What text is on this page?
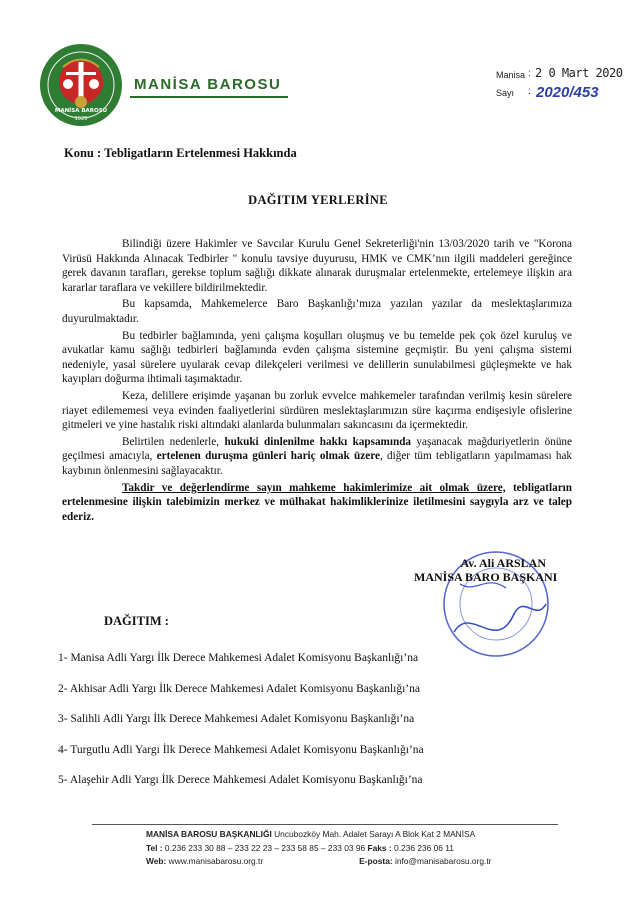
1925
MANİSA BAROSU
MANİSA BAROSU
Manisa : 2 0 Mart 2020
Sayı : 2020/453
Konu : Tebligatların Ertelenmesi Hakkında
DAĞITIM YERLERİNE

Bilindiği üzere Hakimler ve Savcılar Kurulu Genel Sekreterliği'nin 13/03/2020 tarih ve "Korona Virüsü Hakkında Alınacak Tedbirler " konulu tavsiye duyurusu, HMK ve CMK’nın ilgili maddeleri gereğince gerek davanın tarafları, gerekse toplum sağlığı dikkate alınarak duruşmalar ertelenmekte, ertelemeye ilişkin ara kararlar taraflara ve vekillere bildirilmektedir.

Bu kapsamda, Mahkemelerce Baro Başkanlığı’mıza yazılan yazılar da meslektaşlarımıza duyurulmaktadır.

Bu tedbirler bağlamında, yeni çalışma koşulları oluşmuş ve bu temelde pek çok özel kuruluş ve avukatlar kamu sağlığı tedbirleri bağlamında evden çalışma sistemine geçmiştir. Bu yeni çalışma sistemi nedeniyle, yasal sürelere uyularak cevap dilekçeleri verilmesi ve delillerin sunulabilmesi güçleşmekte ve hak kayıpları doğurma ihtimali taşımaktadır.

Keza, delillere erişimde yaşanan bu zorluk evvelce mahkemeler tarafından verilmiş kesin sürelere riayet edilememesi veya evinden faaliyetlerini sürdüren meslektaşlarımızın süre kaçırma endişesiyle ofislerine gitmeleri ve yine hastalık riski altındaki alanlarda bulunmaları sakıncasını da içermektedir.

Belirtilen nedenlerle, hukuki dinlenilme hakkı kapsamında yaşanacak mağduriyetlerin önüne geçilmesi amacıyla, ertelenen duruşma günleri hariç olmak üzere, diğer tüm tebligatların yapılmaması hak kaybının önlenmesini sağlayacaktır.

Takdir ve değerlendirme sayın mahkeme hakimlerimize ait olmak üzere, tebligatların ertelenmesine ilişkin talebimizin merkez ve mülhakat hakimliklerinize iletilmesini saygıyla arz ve talep ederiz.

Av. Ali ARSLAN
MANİSA BARO BAŞKANI
DAĞITIM :
1- Manisa Adli Yargı İlk Derece Mahkemesi Adalet Komisyonu Başkanlığı’na
2- Akhisar Adli Yargı İlk Derece Mahkemesi Adalet Komisyonu Başkanlığı’na
3- Salihli Adli Yargı İlk Derece Mahkemesi Adalet Komisyonu Başkanlığı’na
4- Turgutlu Adli Yargı İlk Derece Mahkemesi Adalet Komisyonu Başkanlığı’na
5- Alaşehir Adli Yargı İlk Derece Mahkemesi Adalet Komisyonu Başkanlığı’na
MANİSA BAROSU BAŞKANLIĞI Uncubozköy Mah. Adalet Sarayı A Blok Kat 2 MANİSA
Tel : 0.236 233 30 88 – 233 22 23 – 233 58 85 – 233 03 96 Faks : 0.236 236 06 11
Web: www.manisabarosu.org.tr	E-posta: info@manisabarosu.org.tr
